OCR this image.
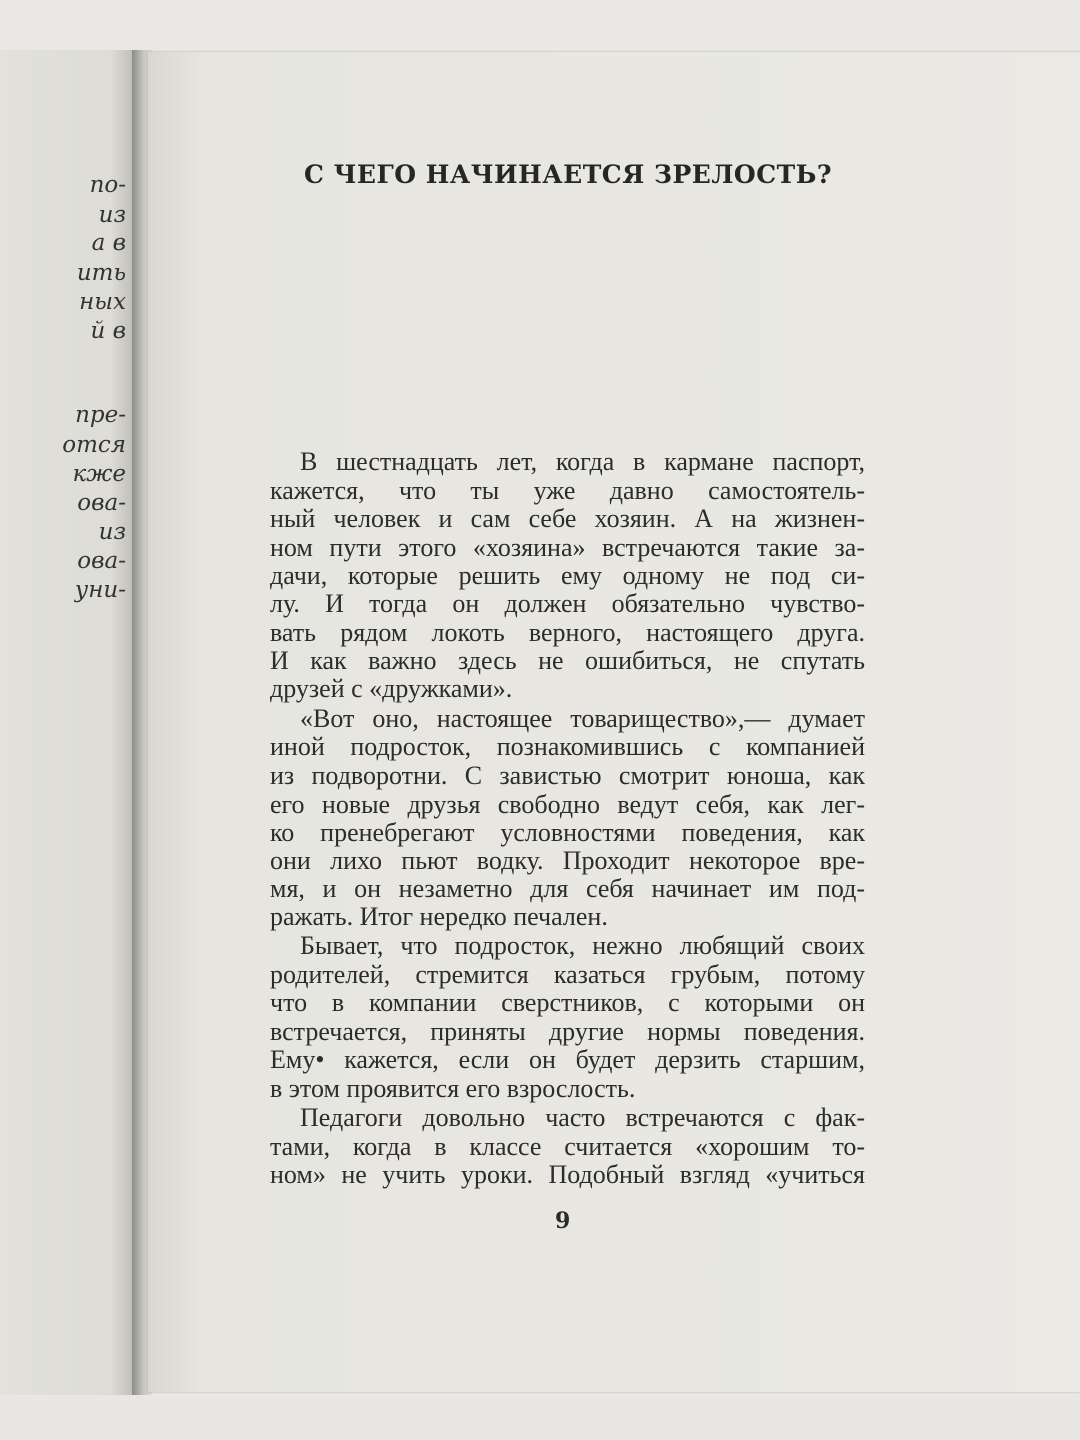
по-
из
а в
ить
ных
й в
пре-
отся
кже
ова-
из
ова-
уни-
С ЧЕГО НАЧИНАЕТСЯ ЗРЕЛОСТЬ?
В шестнадцать лет, когда в кармане паспорт,
кажется, что ты уже давно самостоятель-
ный человек и сам себе хозяин. А на жизнен-
ном пути этого «хозяина» встречаются такие за-
дачи, которые решить ему одному не под си-
лу. И тогда он должен обязательно чувство-
вать рядом локоть верного, настоящего друга.
И как важно здесь не ошибиться, не спутать
друзей с «дружками».
«Вот оно, настоящее товарищество»,— думает
иной подросток, познакомившись с компанией
из подворотни. С завистью смотрит юноша, как
его новые друзья свободно ведут себя, как лег-
ко пренебрегают условностями поведения, как
они лихо пьют водку. Проходит некоторое вре-
мя, и он незаметно для себя начинает им под-
ражать. Итог нередко печален.
Бывает, что подросток, нежно любящий своих
родителей, стремится казаться грубым, потому
что в компании сверстников, с которыми он
встречается, приняты другие нормы поведения.
Ему• кажется, если он будет дерзить старшим,
в этом проявится его взрослость.
Педагоги довольно часто встречаются с фак-
тами, когда в классе считается «хорошим то-
ном» не учить уроки. Подобный взгляд «учиться
9
